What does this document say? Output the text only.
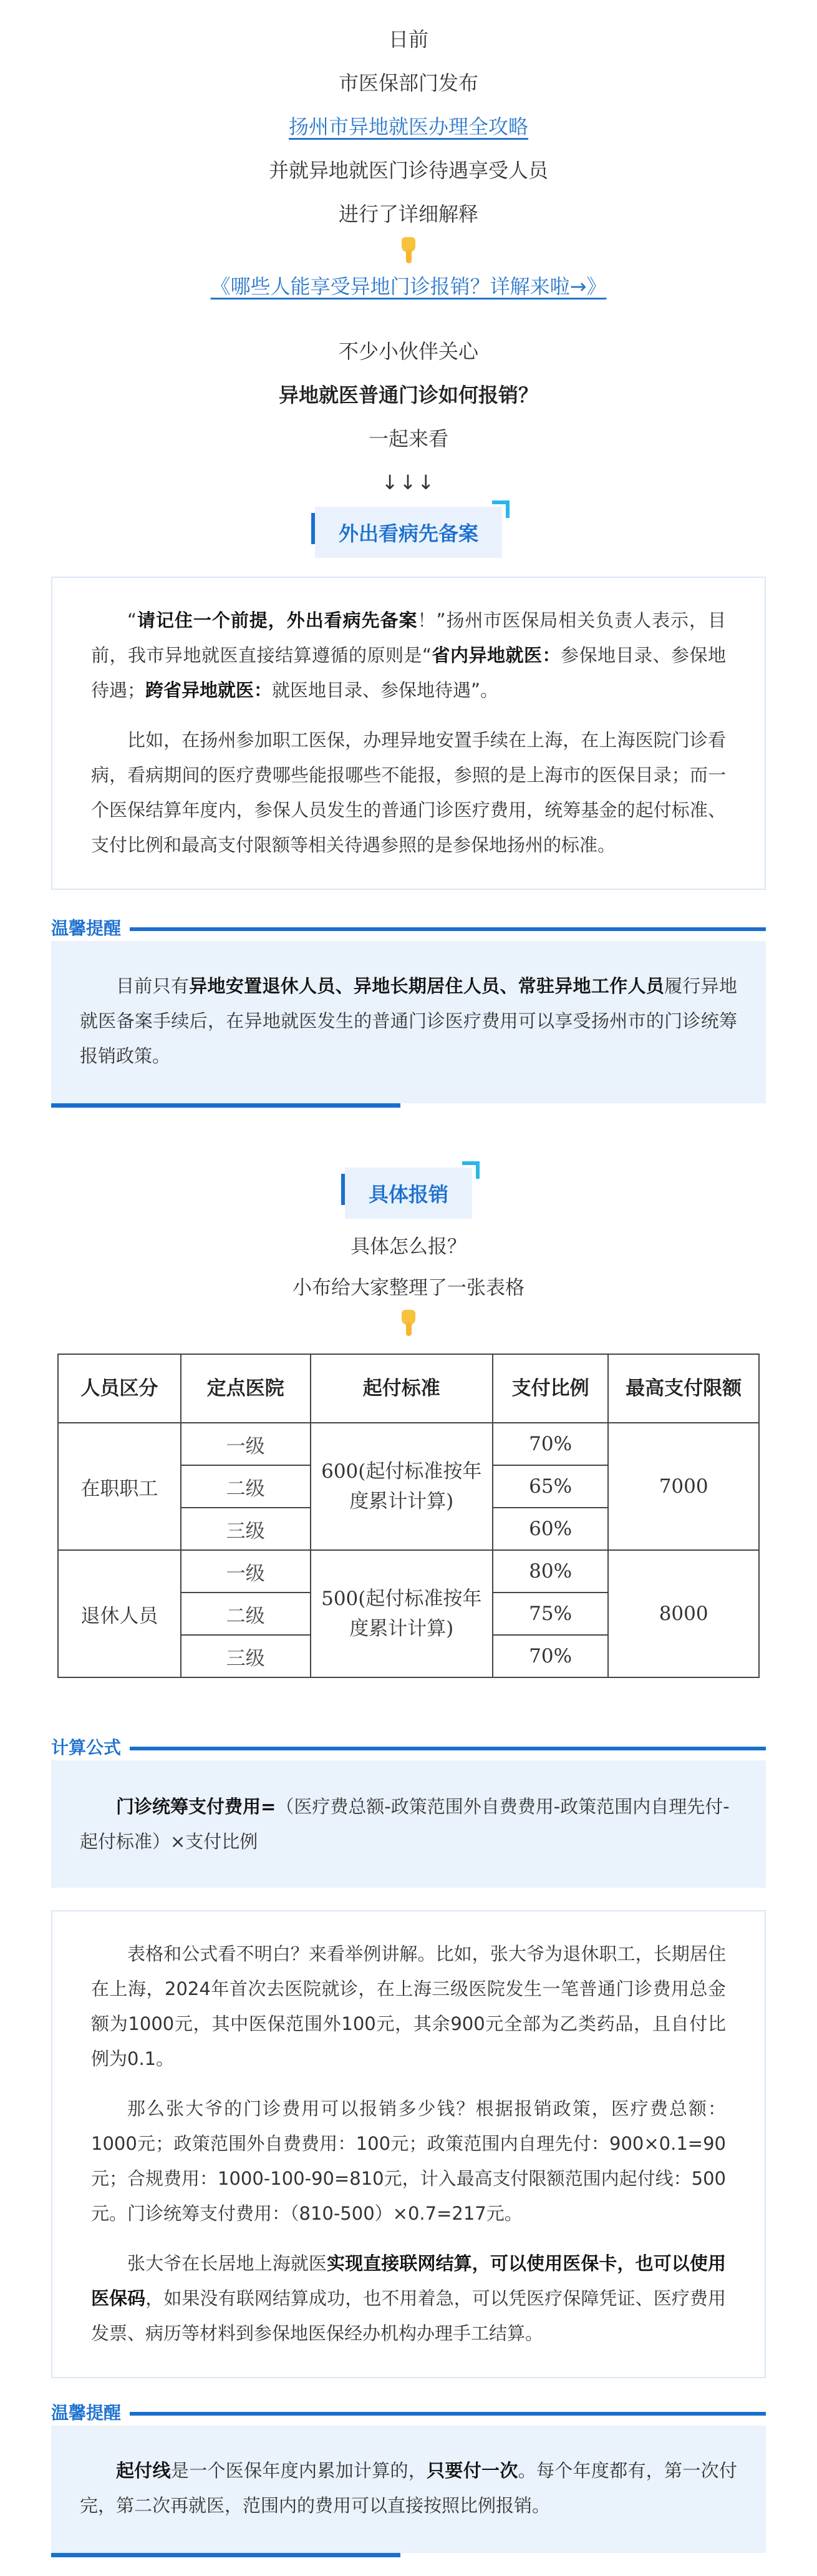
日前
市医保部门发布
扬州市异地就医办理全攻略
并就异地就医门诊待遇享受人员
进行了详细解释
《哪些人能享受异地门诊报销？详解来啦→》
不少小伙伴关心
异地就医普通门诊如何报销？
一起来看
↓↓↓
外出看病先备案

“请记住一个前提，外出看病先备案！”扬州市医保局相关负责人表示，目前，我市异地就医直接结算遵循的原则是“省内异地就医：参保地目录、参保地待遇；跨省异地就医：就医地目录、参保地待遇”。

比如，在扬州参加职工医保，办理异地安置手续在上海，在上海医院门诊看病，看病期间的医疗费哪些能报哪些不能报，参照的是上海市的医保目录；而一个医保结算年度内，参保人员发生的普通门诊医疗费用，统筹基金的起付标准、支付比例和最高支付限额等相关待遇参照的是参保地扬州的标准。

温馨提醒

目前只有异地安置退休人员、异地长期居住人员、常驻异地工作人员履行异地就医备案手续后，在异地就医发生的普通门诊医疗费用可以享受扬州市的门诊统筹报销政策。

具体报销
具体怎么报？
小布给大家整理了一张表格
人员区分	定点医院	起付标准	支付比例	最高支付限额
在职职工	一级	600(起付标准按年度累计计算)	70%	7000
	二级		65%	
	三级		60%	
退休人员	一级	500(起付标准按年度累计计算)	80%	8000
	二级		75%	
	三级		70%	
计算公式

门诊统筹支付费用=（医疗费总额-政策范围外自费费用-政策范围内自理先付-起付标准）×支付比例

表格和公式看不明白？来看举例讲解。比如，张大爷为退休职工，长期居住在上海，2024年首次去医院就诊，在上海三级医院发生一笔普通门诊费用总金额为1000元，其中医保范围外100元，其余900元全部为乙类药品，且自付比例为0.1。

那么张大爷的门诊费用可以报销多少钱？根据报销政策，医疗费总额：1000元；政策范围外自费费用：100元；政策范围内自理先付：900×0.1=90元；合规费用：1000-100-90=810元，计入最高支付限额范围内起付线：500元。门诊统筹支付费用：（810-500）×0.7=217元。

张大爷在长居地上海就医实现直接联网结算，可以使用医保卡，也可以使用医保码，如果没有联网结算成功，也不用着急，可以凭医疗保障凭证、医疗费用发票、病历等材料到参保地医保经办机构办理手工结算。

温馨提醒

起付线是一个医保年度内累加计算的，只要付一次。每个年度都有，第一次付完，第二次再就医，范围内的费用可以直接按照比例报销。
